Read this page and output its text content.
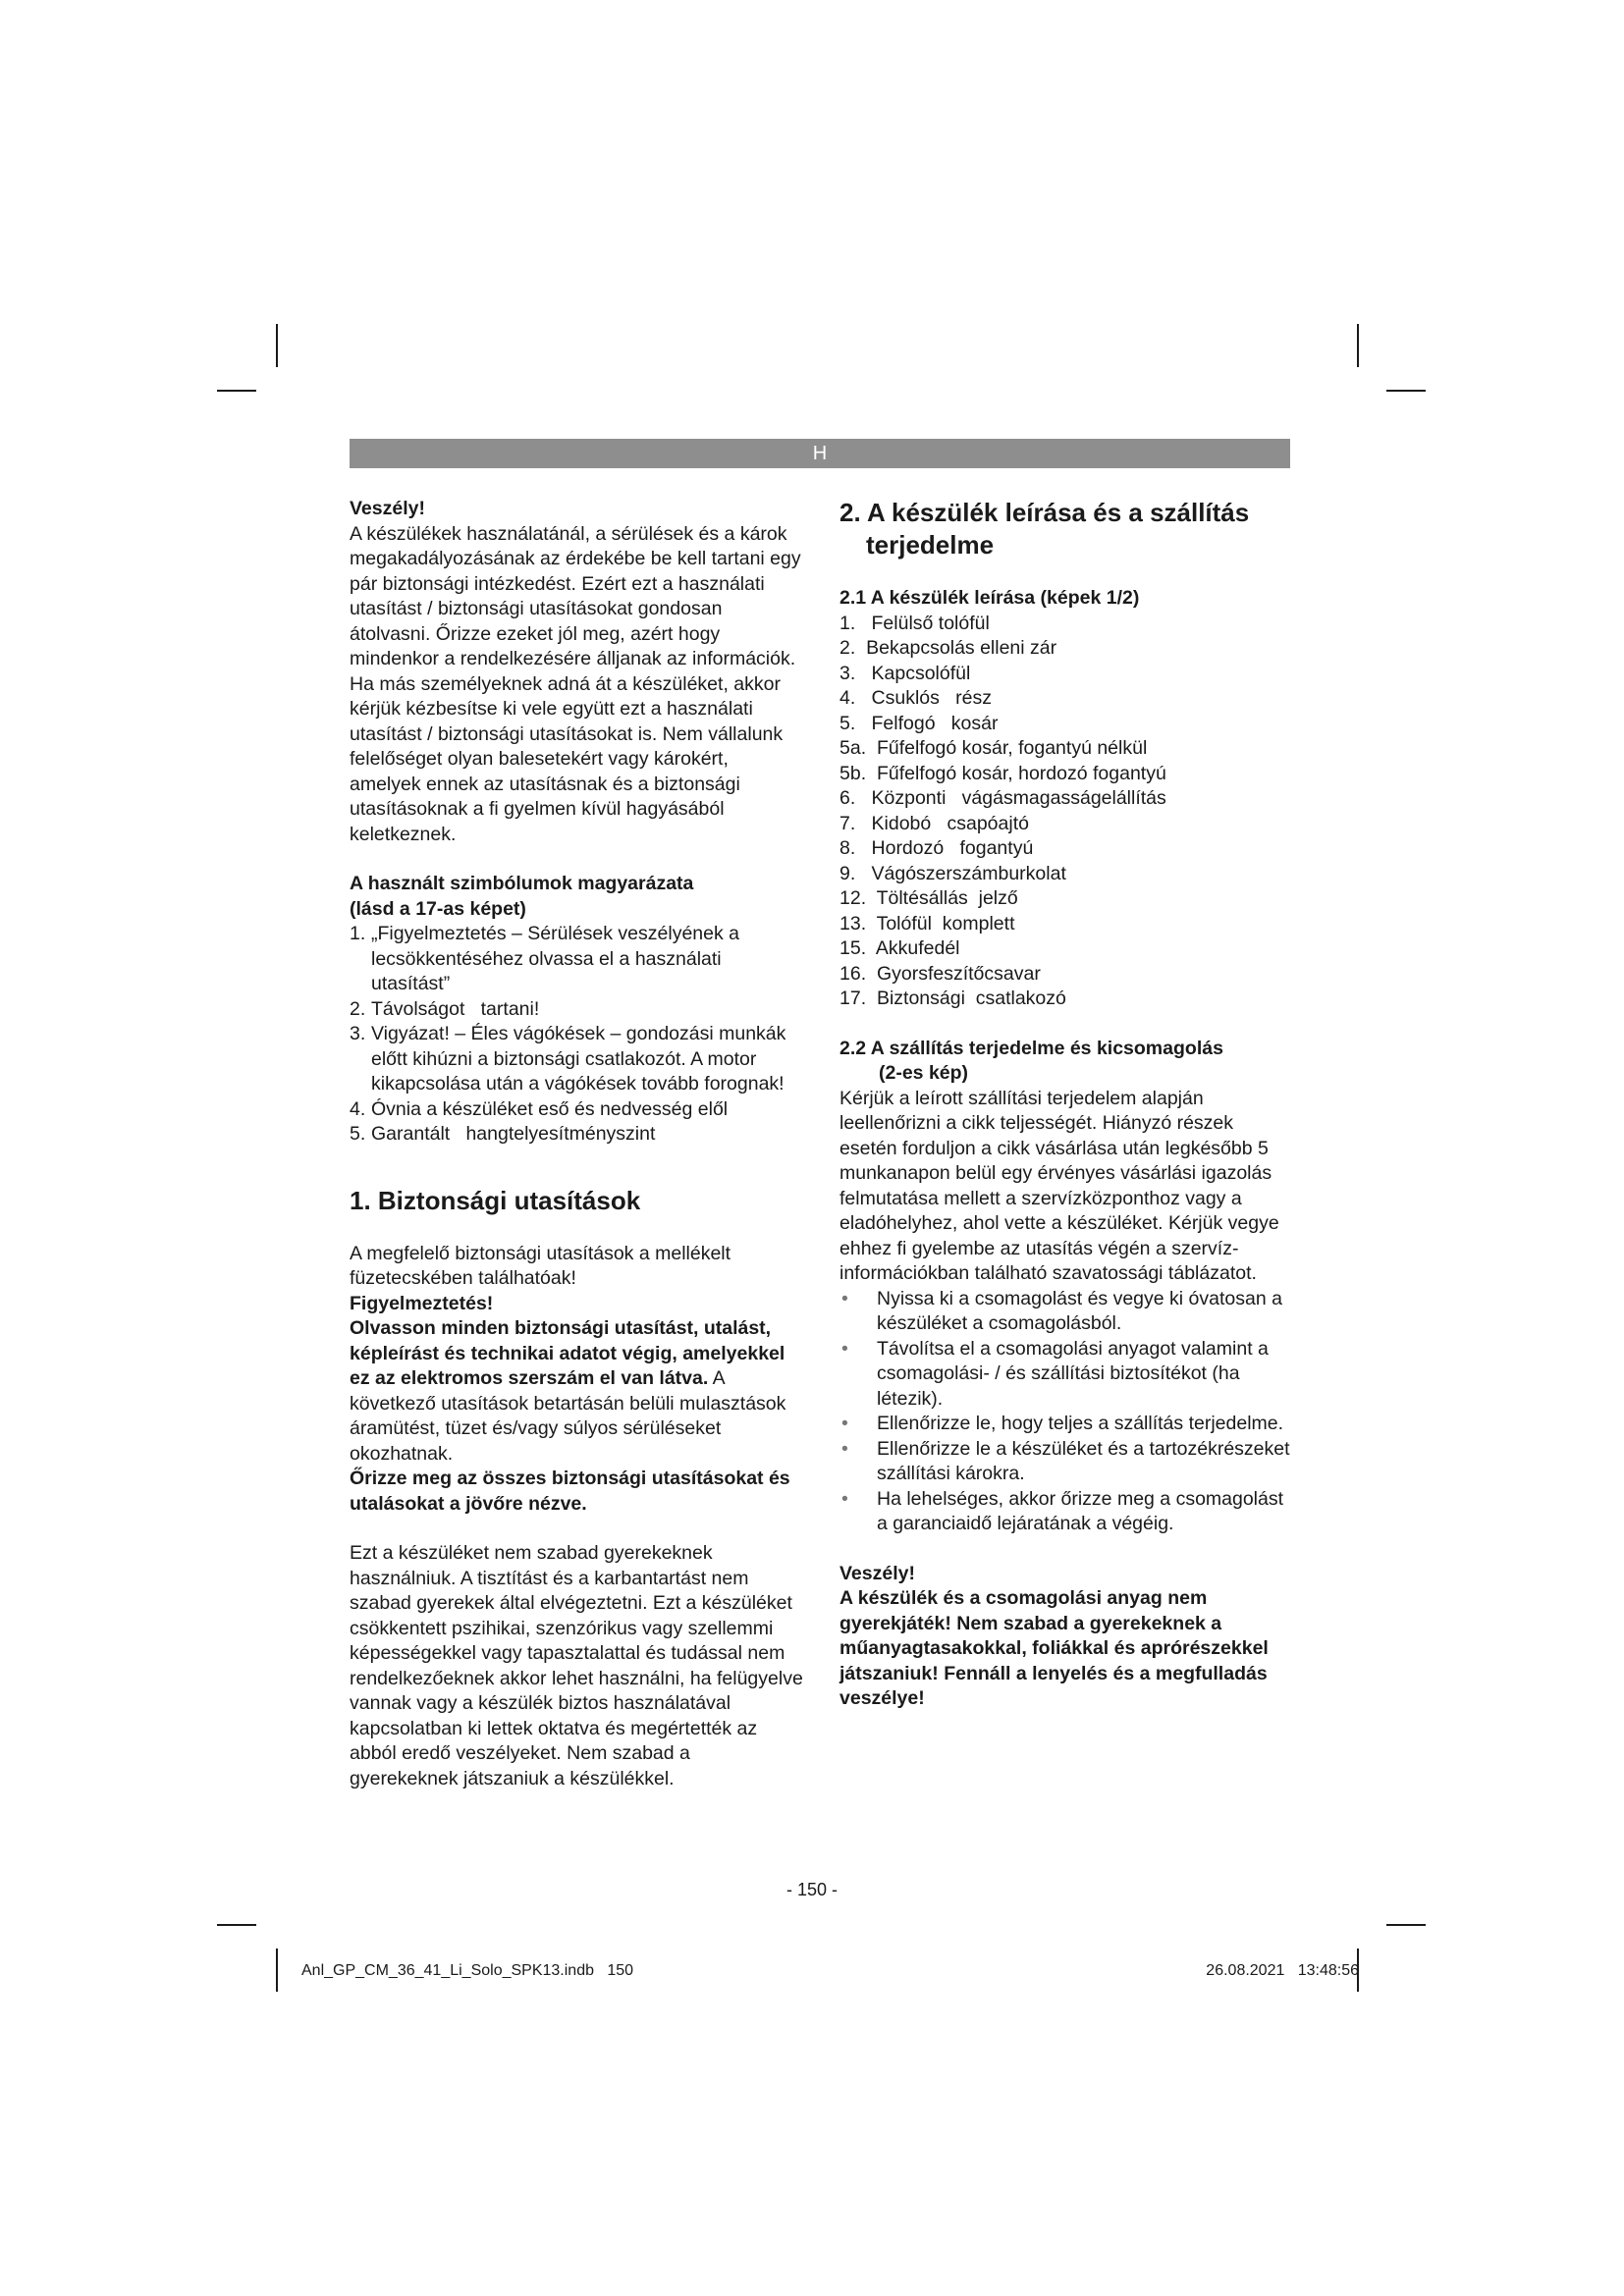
H

Veszély!

A készülékek használatánál, a sérülések és a károk megakadályozásának az érdekébe be kell tartani egy pár biztonsági intézkedést. Ezért ezt a használati utasítást / biztonsági utasításokat gondosan átolvasni. Őrizze ezeket jól meg, azért hogy mindenkor a rendelkezésére álljanak az információk. Ha más személyeknek adná át a készüléket, akkor kérjük kézbesítse ki vele együtt ezt a használati utasítást / biztonsági utasításokat is. Nem vállalunk felelőséget olyan balesetekért vagy károkért, amelyek ennek az utasításnak és a biztonsági utasításoknak a fi gyelmen kívül hagyásából keletkeznek.

A használt szimbólumok magyarázata

(lásd a 17-as képet)

1. „Figyelmeztetés – Sérülések veszélyének a lecsökkentéséhez olvassa el a használati utasítást”
2. Távolságot   tartani!
3. Vigyázat! – Éles vágókések – gondozási munkák előtt kihúzni a biztonsági csatlakozót. A motor kikapcsolása után a vágókések tovább forognak!
4. Óvnia a készüléket eső és nedvesség elől
5. Garantált   hangtelyesítményszint
1. Biztonsági utasítások

A megfelelő biztonsági utasítások a mellékelt füzetecskében találhatóak!

Figyelmeztetés!

Olvasson minden biztonsági utasítást, utalást, képleírást és technikai adatot végig, amelyekkel ez az elektromos szerszám el van látva. A következő utasítások betartásán belüli mulasztások áramütést, tüzet és/vagy súlyos sérüléseket okozhatnak.

Őrizze meg az összes biztonsági utasításokat és utalásokat a jövőre nézve.

Ezt a készüléket nem szabad gyerekeknek használniuk. A tisztítást és a karbantartást nem szabad gyerekek által elvégeztetni. Ezt a készüléket csökkentett pszihikai, szenzórikus vagy szellemmi képességekkel vagy tapasztalattal és tudással nem rendelkezőeknek akkor lehet használni, ha felügyelve vannak vagy a készülék biztos használatával kapcsolatban ki lettek oktatva és megértették az abból eredő veszélyeket. Nem szabad a gyerekeknek játszaniuk a készülékkel.

2. A készülék leírása és a szállítás
terjedelme

2.1 A készülék leírása (képek 1/2)

1.   Felülső tolófül
2.  Bekapcsolás elleni zár
3.   Kapcsolófül
4.   Csuklós   rész
5.   Felfogó   kosár
5a.  Fűfelfogó kosár, fogantyú nélkül
5b.  Fűfelfogó kosár, hordozó fogantyú
6.   Központi   vágásmagasságelállítás
7.   Kidobó   csapóajtó
8.   Hordozó   fogantyú
9.   Vágószerszámburkolat
12.  Töltésállás  jelző
13.  Tolófül  komplett
15.  Akkufedél
16.  Gyorsfeszítőcsavar
17.  Biztonsági  csatlakozó

2.2 A szállítás terjedelme és kicsomagolás

(2-es kép)

Kérjük a leírott szállítási terjedelem alapján leellenőrizni a cikk teljességét. Hiányzó részek esetén forduljon a cikk vásárlása után legkésőbb 5 munkanapon belül egy érvényes vásárlási igazolás felmutatása mellett a szervízközponthoz vagy a eladóhelyhez, ahol vette a készüléket. Kérjük vegye ehhez fi gyelembe az utasítás végén a szervíz-információkban található szavatossági táblázatot.

• Nyissa ki a csomagolást és vegye ki óvatosan a készüléket a csomagolásból.
• Távolítsa el a csomagolási anyagot valamint a csomagolási- / és szállítási biztosítékot (ha létezik).
• Ellenőrizze le, hogy teljes a szállítás terjedelme.
• Ellenőrizze le a készüléket és a tartozékrészeket szállítási károkra.
• Ha lehelséges, akkor őrizze meg a csomagolást a garanciaidő lejáratának a végéig.

Veszély!

A készülék és a csomagolási anyag nem gyerekjáték! Nem szabad a gyerekeknek a műanyagtasakokkal, foliákkal és aprórészekkel játszaniuk! Fennáll a lenyelés és a megfulladás veszélye!

- 150 -
Anl_GP_CM_36_41_Li_Solo_SPK13.indb   150	26.08.2021   13:48:56
